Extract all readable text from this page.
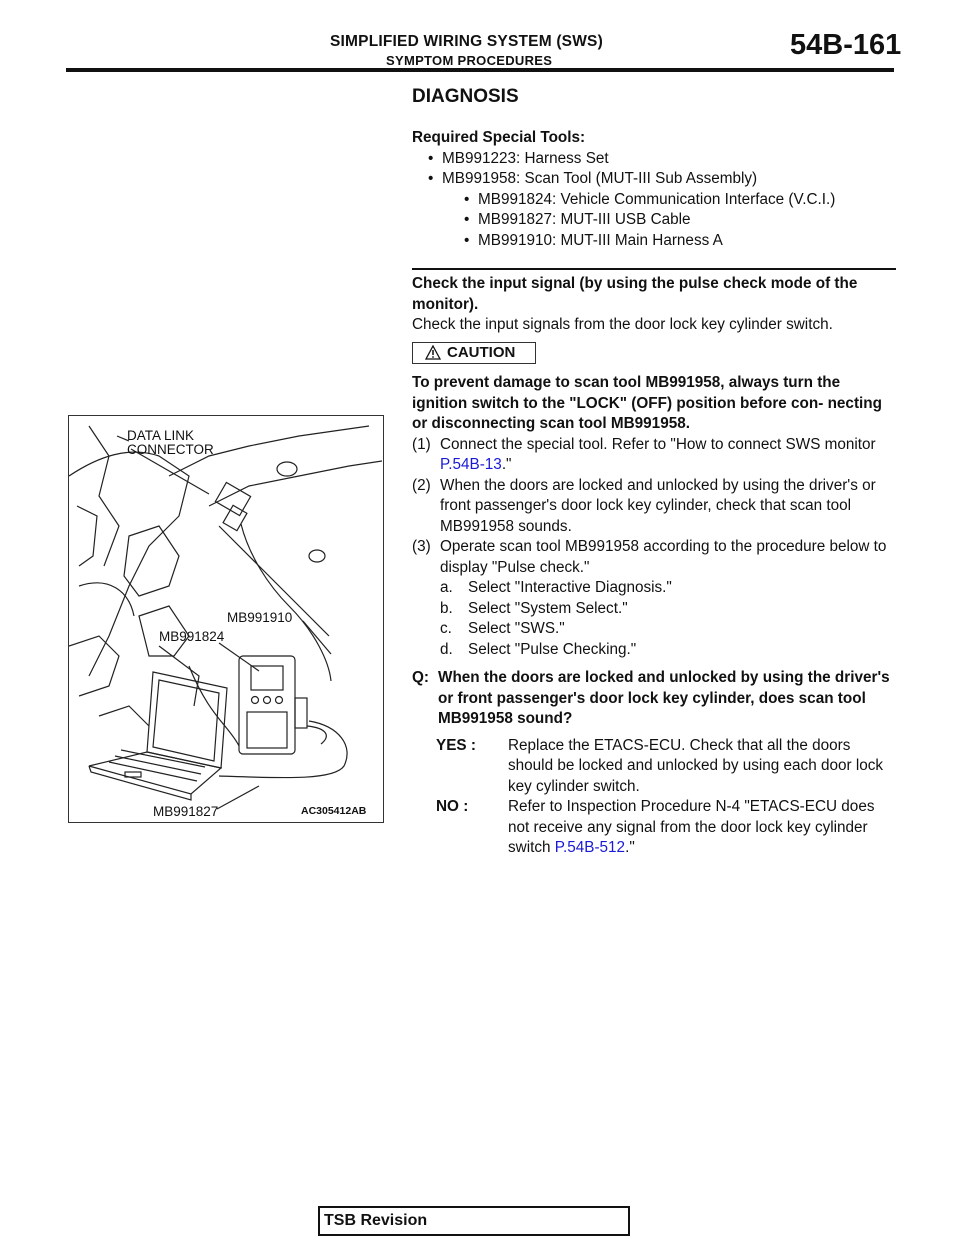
SIMPLIFIED WIRING SYSTEM (SWS)
SYMPTOM PROCEDURES	54B-161
DATA LINK
CONNECTOR
MB991910
MB991824
MB991827	AC305412AB
DIAGNOSIS
Required Special Tools:
• MB991223: Harness Set
• MB991958: Scan Tool (MUT-III Sub Assembly)
• MB991824: Vehicle Communication Interface (V.C.I.)
• MB991827: MUT-III USB Cable
• MB991910: MUT-III Main Harness A
Check the input signal (by using the pulse check mode of the monitor).
Check the input signals from the door lock key cylinder switch.
CAUTION
To prevent damage to scan tool MB991958, always turn the ignition switch to the "LOCK" (OFF) position before con- necting or disconnecting scan tool MB991958.
(1) Connect the special tool. Refer to "How to connect SWS monitor P.54B-13."
(2) When the doors are locked and unlocked by using the driver's or front passenger's door lock key cylinder, check that scan tool MB991958 sounds.
(3) Operate scan tool MB991958 according to the procedure below to display "Pulse check."
a. Select "Interactive Diagnosis."
b. Select "System Select."
c. Select "SWS."
d. Select "Pulse Checking."
Q: When the doors are locked and unlocked by using the driver's or front passenger's door lock key cylinder, does scan tool MB991958 sound?
YES : Replace the ETACS-ECU. Check that all the doors should be locked and unlocked by using each door lock key cylinder switch.
NO :	Refer to Inspection Procedure N-4 "ETACS-ECU does not receive any signal from the door lock key cylinder switch P.54B-512."
TSB Revision
